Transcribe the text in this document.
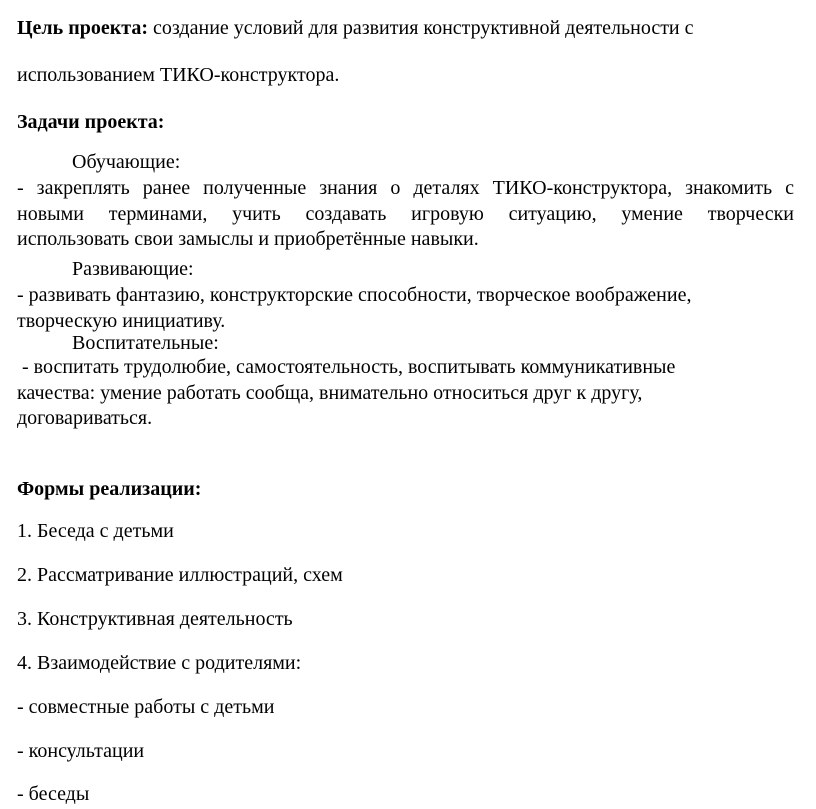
Цель проекта: создание условий для развития конструктивной деятельности с
использованием ТИКО-конструктора.
Задачи проекта:
Обучающие:
- закреплять ранее полученные знания о деталях ТИКО-конструктора, знакомить с
новыми терминами, учить создавать игровую ситуацию, умение творчески
использовать свои замыслы и приобретённые навыки.
Развивающие:
- развивать фантазию, конструкторские способности, творческое воображение,
творческую инициативу.
Воспитательные:
- воспитать трудолюбие, самостоятельность, воспитывать коммуникативные
качества: умение работать сообща, внимательно относиться друг к другу,
договариваться.
Формы реализации:
1. Беседа с детьми
2. Рассматривание иллюстраций, схем
3. Конструктивная деятельность
4. Взаимодействие с родителями:
- совместные работы с детьми
- консультации
- беседы
